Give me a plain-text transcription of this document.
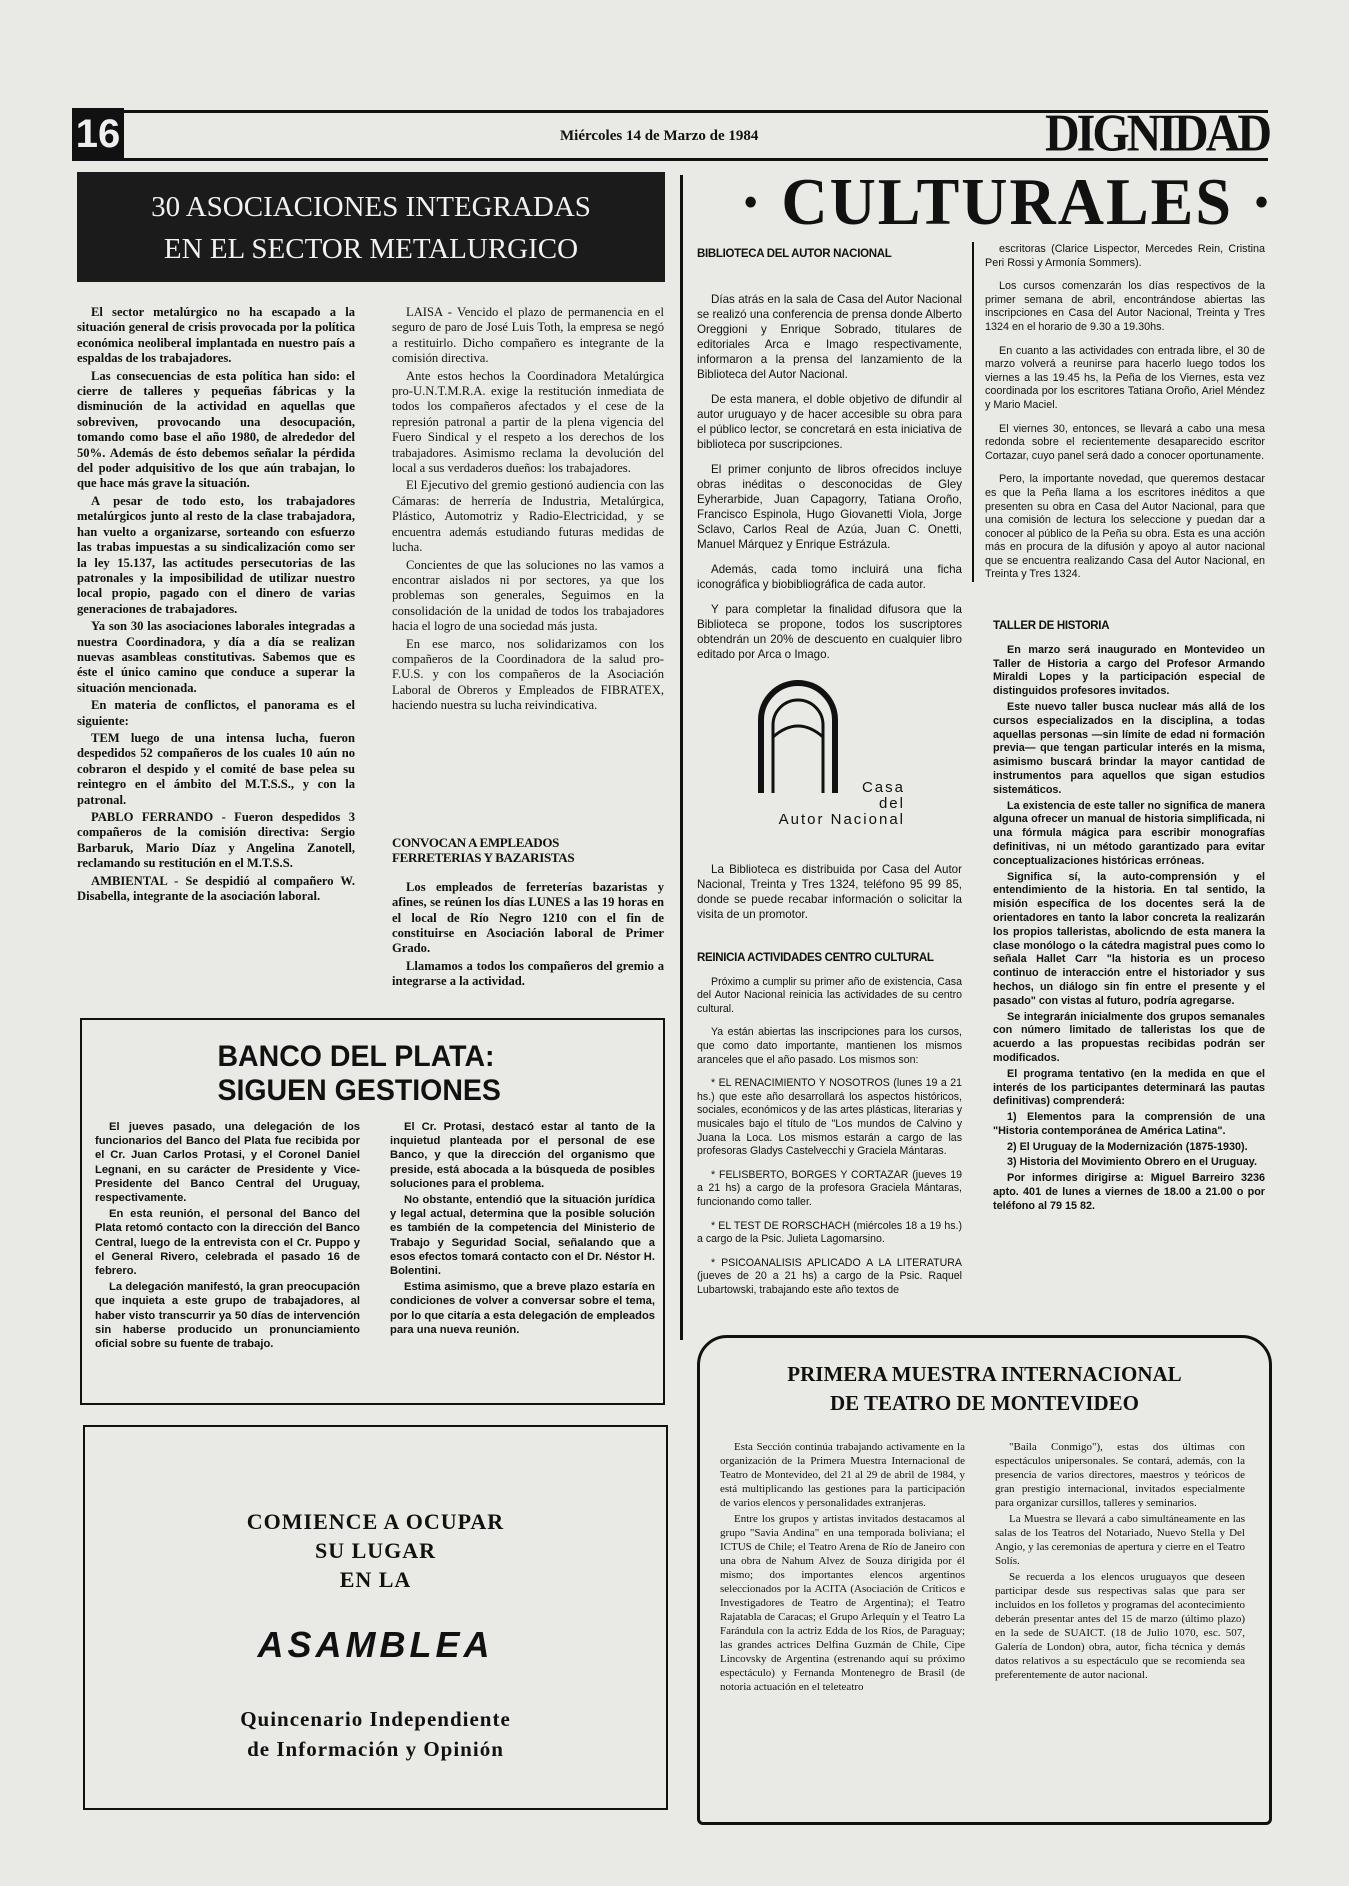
16	Miércoles 14 de Marzo de 1984	DIGNIDAD
30 ASOCIACIONES INTEGRADAS
EN EL SECTOR METALURGICO

El sector metalúrgico no ha escapado a la situación general de crisis provocada por la política económica neoliberal implantada en nuestro país a espaldas de los trabajadores.

Las consecuencias de esta política han sido: el cierre de talleres y pequeñas fábricas y la disminución de la actividad en aquellas que sobreviven, provocando una desocupación, tomando como base el año 1980, de alrededor del 50%. Además de ésto debemos señalar la pérdida del poder adquisitivo de los que aún trabajan, lo que hace más grave la situación.

A pesar de todo esto, los trabajadores metalúrgicos junto al resto de la clase trabajadora, han vuelto a organizarse, sorteando con esfuerzo las trabas impuestas a su sindicalización como ser la ley 15.137, las actitudes persecutorias de las patronales y la imposibilidad de utilizar nuestro local propio, pagado con el dinero de varias generaciones de trabajadores.

Ya son 30 las asociaciones laborales integradas a nuestra Coordinadora, y día a día se realizan nuevas asambleas constitutivas. Sabemos que es éste el único camino que conduce a superar la situación mencionada.

En materia de conflictos, el panorama es el siguiente:

TEM luego de una intensa lucha, fueron despedidos 52 compañeros de los cuales 10 aún no cobraron el despido y el comité de base pelea su reintegro en el ámbito del M.T.S.S., y con la patronal.

PABLO FERRANDO - Fueron despedidos 3 compañeros de la comisión directiva: Sergio Barbaruk, Mario Díaz y Angelina Zanotell, reclamando su restitución en el M.T.S.S.

AMBIENTAL - Se despidió al compañero W. Disabella, integrante de la asociación laboral.

LAISA - Vencido el plazo de permanencia en el seguro de paro de José Luis Toth, la empresa se negó a restituirlo. Dicho compañero es integrante de la comisión directiva.

Ante estos hechos la Coordinadora Metalúrgica pro-U.N.T.M.R.A. exige la restitución inmediata de todos los compañeros afectados y el cese de la represión patronal a partir de la plena vigencia del Fuero Sindical y el respeto a los derechos de los trabajadores. Asimismo reclama la devolución del local a sus verdaderos dueños: los trabajadores.

El Ejecutivo del gremio gestionó audiencia con las Cámaras: de herrería de Industria, Metalúrgica, Plástico, Automotriz y Radio-Electricidad, y se encuentra además estudiando futuras medidas de lucha.

Concientes de que las soluciones no las vamos a encontrar aislados ni por sectores, ya que los problemas son generales, Seguimos en la consolidación de la unidad de todos los trabajadores hacia el logro de una sociedad más justa.

En ese marco, nos solidarizamos con los compañeros de la Coordinadora de la salud pro-F.U.S. y con los compañeros de la Asociación Laboral de Obreros y Empleados de FIBRATEX, haciendo nuestra su lucha reivindicativa.

CONVOCAN A EMPLEADOS
FERRETERIAS Y BAZARISTAS

Los empleados de ferreterías bazaristas y afines, se reúnen los días LUNES a las 19 horas en el local de Río Negro 1210 con el fin de constituirse en Asociación laboral de Primer Grado.

Llamamos a todos los compañeros del gremio a integrarse a la actividad.

BANCO DEL PLATA:
SIGUEN GESTIONES

El jueves pasado, una delegación de los funcionarios del Banco del Plata fue recibida por el Cr. Juan Carlos Protasi, y el Coronel Daniel Legnani, en su carácter de Presidente y Vice-Presidente del Banco Central del Uruguay, respectivamente.

En esta reunión, el personal del Banco del Plata retomó contacto con la dirección del Banco Central, luego de la entrevista con el Cr. Puppo y el General Rivero, celebrada el pasado 16 de febrero.

La delegación manifestó, la gran preocupación que inquieta a este grupo de trabajadores, al haber visto transcurrir ya 50 días de intervención sin haberse producido un pronunciamiento oficial sobre su fuente de trabajo.

El Cr. Protasi, destacó estar al tanto de la inquietud planteada por el personal de ese Banco, y que la dirección del organismo que preside, está abocada a la búsqueda de posibles soluciones para el problema.

No obstante, entendió que la situación jurídica y legal actual, determina que la posible solución es también de la competencia del Ministerio de Trabajo y Seguridad Social, señalando que a esos efectos tomará contacto con el Dr. Néstor H. Bolentini.

Estima asimismo, que a breve plazo estaría en condiciones de volver a conversar sobre el tema, por lo que citaría a esta delegación de empleados para una nueva reunión.

COMIENCE A OCUPAR
SU LUGAR
EN LA
ASAMBLEA
Quincenario Independiente
de Información y Opinión
· CULTURALES ·
BIBLIOTECA DEL AUTOR NACIONAL

Días atrás en la sala de Casa del Autor Nacional se realizó una conferencia de prensa donde Alberto Oreggioni y Enrique Sobrado, titulares de editoriales Arca e Imago respectivamente, informaron a la prensa del lanzamiento de la Biblioteca del Autor Nacional.

De esta manera, el doble objetivo de difundir al autor uruguayo y de hacer accesible su obra para el público lector, se concretará en esta iniciativa de biblioteca por suscripciones.

El primer conjunto de libros ofrecidos incluye obras inéditas o desconocidas de Gley Eyherarbide, Juan Capagorry, Tatiana Oroño, Francisco Espinola, Hugo Giovanetti Viola, Jorge Sclavo, Carlos Real de Azúa, Juan C. Onetti, Manuel Márquez y Enrique Estrázula.

Además, cada tomo incluirá una ficha iconográfica y biobibliográfica de cada autor.

Y para completar la finalidad difusora que la Biblioteca se propone, todos los suscriptores obtendrán un 20% de descuento en cualquier libro editado por Arca o Imago.

Casa
del
Autor Nacional

La Biblioteca es distribuida por Casa del Autor Nacional, Treinta y Tres 1324, teléfono 95 99 85, donde se puede recabar información o solicitar la visita de un promotor.

REINICIA ACTIVIDADES CENTRO CULTURAL

Próximo a cumplir su primer año de existencia, Casa del Autor Nacional reinicia las actividades de su centro cultural.

Ya están abiertas las inscripciones para los cursos, que como dato importante, mantienen los mismos aranceles que el año pasado. Los mismos son:

* EL RENACIMIENTO Y NOSOTROS (lunes 19 a 21 hs.) que este año desarrollará los aspectos históricos, sociales, económicos y de las artes plásticas, literarias y musicales bajo el título de "Los mundos de Calvino y Juana la Loca. Los mismos estarán a cargo de las profesoras Gladys Castelvecchi y Graciela Mántaras.

* FELISBERTO, BORGES Y CORTAZAR (jueves 19 a 21 hs) a cargo de la profesora Graciela Mántaras, funcionando como taller.

* EL TEST DE RORSCHACH (miércoles 18 a 19 hs.) a cargo de la Psic. Julieta Lagomarsino.

* PSICOANALISIS APLICADO A LA LITERATURA (jueves de 20 a 21 hs) a cargo de la Psic. Raquel Lubartowski, trabajando este año textos de

escritoras (Clarice Lispector, Mercedes Rein, Cristina Peri Rossi y Armonía Sommers).

Los cursos comenzarán los días respectivos de la primer semana de abril, encontrándose abiertas las inscripciones en Casa del Autor Nacional, Treinta y Tres 1324 en el horario de 9.30 a 19.30hs.

En cuanto a las actividades con entrada libre, el 30 de marzo volverá a reunirse para hacerlo luego todos los viernes a las 19.45 hs, la Peña de los Viernes, esta vez coordinada por los escritores Tatiana Oroño, Ariel Méndez y Mario Maciel.

El viernes 30, entonces, se llevará a cabo una mesa redonda sobre el recientemente desaparecido escritor Cortazar, cuyo panel será dado a conocer oportunamente.

Pero, la importante novedad, que queremos destacar es que la Peña llama a los escritores inéditos a que presenten su obra en Casa del Autor Nacional, para que una comisión de lectura los seleccione y puedan dar a conocer al público de la Peña su obra. Esta es una acción más en procura de la difusión y apoyo al autor nacional que se encuentra realizando Casa del Autor Nacional, en Treinta y Tres 1324.

TALLER DE HISTORIA

En marzo será inaugurado en Montevideo un Taller de Historia a cargo del Profesor Armando Miraldi Lopes y la participación especial de distinguidos profesores invitados.

Este nuevo taller busca nuclear más allá de los cursos especializados en la disciplina, a todas aquellas personas —sin límite de edad ni formación previa— que tengan particular interés en la misma, asimismo buscará brindar la mayor cantidad de instrumentos para aquellos que sigan estudios sistemáticos.

La existencia de este taller no significa de manera alguna ofrecer un manual de historia simplificada, ni una fórmula mágica para escribir monografías definitivas, ni un método garantizado para evitar conceptualizaciones históricas erróneas.

Significa sí, la auto-comprensión y el entendimiento de la historia. En tal sentido, la misión específica de los docentes será la de orientadores en tanto la labor concreta la realizarán los propios talleristas, abolicndo de esta manera la clase monólogo o la cátedra magistral pues como lo señala Hallet Carr "la historia es un proceso continuo de interacción entre el historiador y sus hechos, un diálogo sin fin entre el presente y el pasado" con vistas al futuro, podría agregarse.

Se integrarán inicialmente dos grupos semanales con número limitado de talleristas los que de acuerdo a las propuestas recibidas podrán ser modificados.

El programa tentativo (en la medida en que el interés de los participantes determinará las pautas definitivas) comprenderá:

1) Elementos para la comprensión de una "Historia contemporánea de América Latina".

2) El Uruguay de la Modernización (1875-1930).

3) Historia del Movimiento Obrero en el Uruguay.

Por informes dirigirse a: Miguel Barreiro 3236 apto. 401 de lunes a viernes de 18.00 a 21.00 o por teléfono al 79 15 82.

PRIMERA MUESTRA INTERNACIONAL
DE TEATRO DE MONTEVIDEO

Esta Sección continúa trabajando activamente en la organización de la Primera Muestra Internacional de Teatro de Montevideo, del 21 al 29 de abril de 1984, y está multiplicando las gestiones para la participación de varios elencos y personalidades extranjeras.

Entre los grupos y artistas invitados destacamos al grupo "Savia Andina" en una temporada boliviana; el ICTUS de Chile; el Teatro Arena de Río de Janeiro con una obra de Nahum Alvez de Souza dirigida por él mismo; dos importantes elencos argentinos seleccionados por la ACITA (Asociación de Críticos e Investigadores de Teatro de Argentina); el Teatro Rajatabla de Caracas; el Grupo Arlequín y el Teatro La Farándula con la actriz Edda de los Ríos, de Paraguay; las grandes actrices Delfina Guzmán de Chile, Cipe Lincovsky de Argentina (estrenando aquí su próximo espectáculo) y Fernanda Montenegro de Brasil (de notoria actuación en el teleteatro

"Baila Conmigo"), estas dos últimas con espectáculos unipersonales. Se contará, además, con la presencia de varios directores, maestros y teóricos de gran prestigio internacional, invitados especialmente para organizar cursillos, talleres y seminarios.

La Muestra se llevará a cabo simultáneamente en las salas de los Teatros del Notariado, Nuevo Stella y Del Angio, y las ceremonias de apertura y cierre en el Teatro Solís.

Se recuerda a los elencos uruguayos que deseen participar desde sus respectivas salas que para ser incluidos en los folletos y programas del acontecimiento deberán presentar antes del 15 de marzo (último plazo) en la sede de SUAICT. (18 de Julio 1070, esc. 507, Galería de London) obra, autor, ficha técnica y demás datos relativos a su espectáculo que se recomienda sea preferentemente de autor nacional.
